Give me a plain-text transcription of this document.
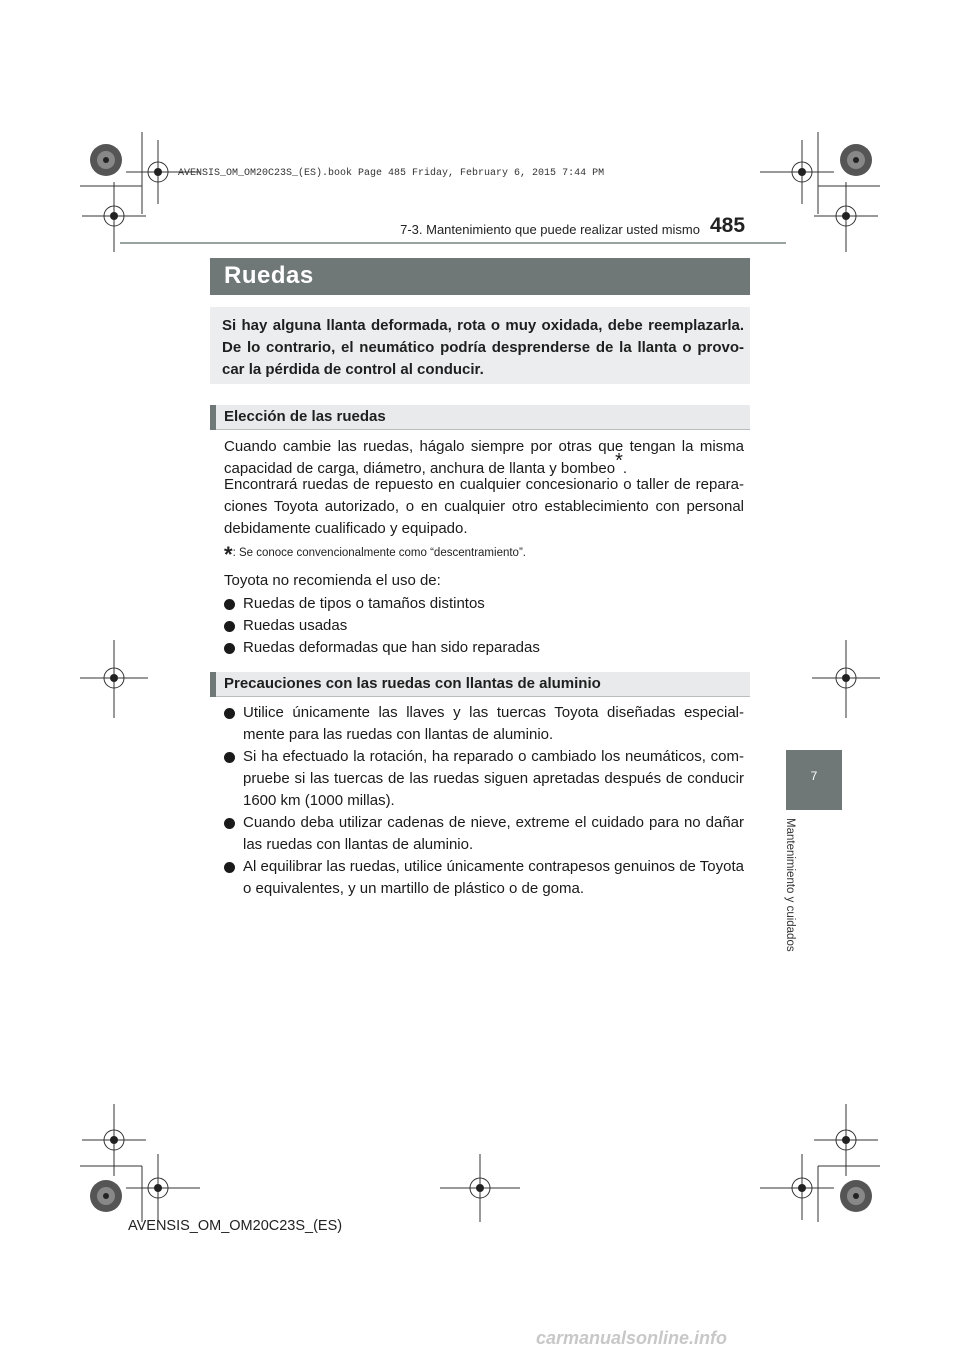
AVENSIS_OM_OM20C23S_(ES).book Page 485 Friday, February 6, 2015 7:44 PM
7-3. Mantenimiento que puede realizar usted mismo 485
Ruedas

Si hay alguna llanta deformada, rota o muy oxidada, debe reemplazarla. De lo contrario, el neumático podría desprenderse de la llanta o provo-car la pérdida de control al conducir.

Elección de las ruedas

Cuando cambie las ruedas, hágalo siempre por otras que tengan la misma capacidad de carga, diámetro, anchura de llanta y bombeo*.

Encontrará ruedas de repuesto en cualquier concesionario o taller de repara-ciones Toyota autorizado, o en cualquier otro establecimiento con personal debidamente cualificado y equipado.

*: Se conoce convencionalmente como “descentramiento”.

Toyota no recomienda el uso de:

Ruedas de tipos o tamaños distintos
Ruedas usadas
Ruedas deformadas que han sido reparadas
Precauciones con las ruedas con llantas de aluminio
Utilice únicamente las llaves y las tuercas Toyota diseñadas especial-mente para las ruedas con llantas de aluminio.
Si ha efectuado la rotación, ha reparado o cambiado los neumáticos, com-pruebe si las tuercas de las ruedas siguen apretadas después de conducir 1600 km (1000 millas).
Cuando deba utilizar cadenas de nieve, extreme el cuidado para no dañar las ruedas con llantas de aluminio.
Al equilibrar las ruedas, utilice únicamente contrapesos genuinos de Toyota o equivalentes, y un martillo de plástico o de goma.
7
Mantenimiento y cuidados
AVENSIS_OM_OM20C23S_(ES)
carmanualsonline.info
